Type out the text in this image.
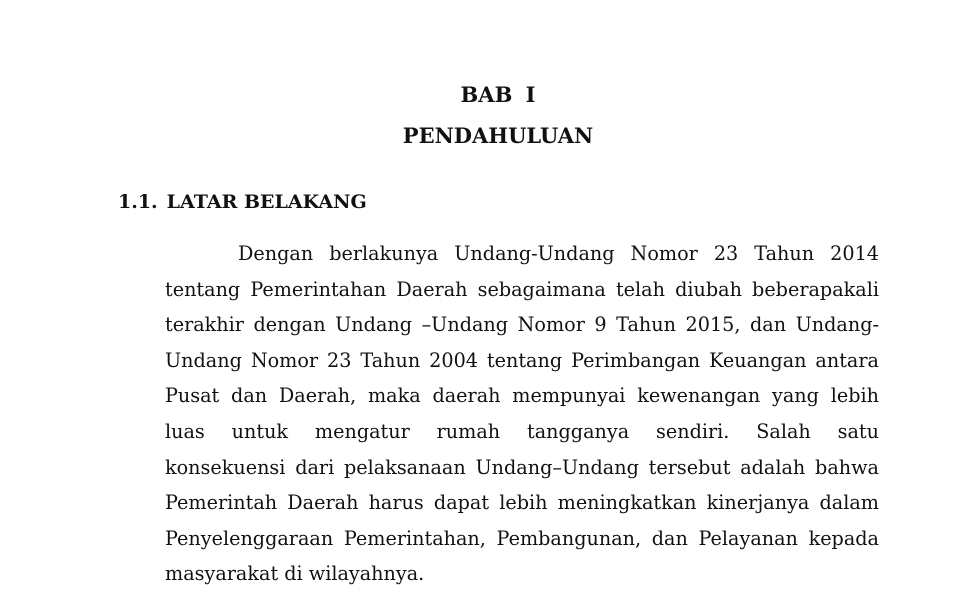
BAB I
PENDAHULUAN
1.1. LATAR BELAKANG
Dengan berlakunya Undang-Undang Nomor 23 Tahun 2014
tentang Pemerintahan Daerah sebagaimana telah diubah beberapakali
terakhir dengan Undang –Undang Nomor 9 Tahun 2015, dan Undang-
Undang Nomor 23 Tahun 2004 tentang Perimbangan Keuangan antara
Pusat dan Daerah, maka daerah mempunyai kewenangan yang lebih
luas untuk mengatur rumah tangganya sendiri. Salah satu
konsekuensi dari pelaksanaan Undang–Undang tersebut adalah bahwa
Pemerintah Daerah harus dapat lebih meningkatkan kinerjanya dalam
Penyelenggaraan Pemerintahan, Pembangunan, dan Pelayanan kepada
masyarakat di wilayahnya.
